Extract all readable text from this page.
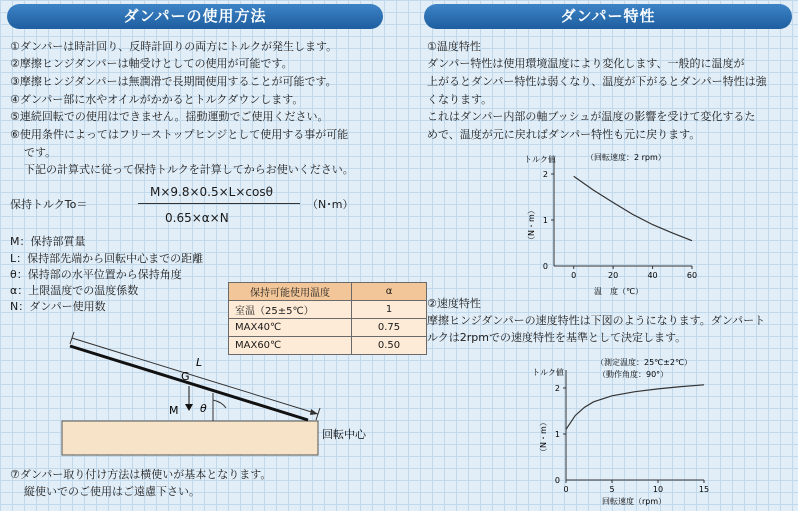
ダンパーの使用方法
①ダンパーは時計回り、反時計回りの両方にトルクが発生します。
②摩擦ヒンジダンパーは軸受けとしての使用が可能です。
③摩擦ヒンジダンパーは無潤滑で長期間使用することが可能です。
④ダンパー部に水やオイルがかかるとトルクダウンします。
⑤連続回転での使用はできません。揺動運動でご使用ください。
⑥使用条件によってはフリーストップヒンジとして使用する事が可能
です。
下記の計算式に従って保持トルクを計算してからお使いください。
保持トルクTo＝
M×9.8×0.5×L×cosθ
0.65×α×N
（N･m）
M：保持部質量
L：保持部先端から回転中心までの距離
θ：保持部の水平位置から保持角度
α：上限温度での温度係数
N：ダンパー使用数
保持可能使用温度	α
室温（25±5℃）	1
MAX40℃	0.75
MAX60℃	0.50
L
G
M θ
回転中心
⑦ダンパー取り付け方法は横使いが基本となります。
縦使いでのご使用はご遠慮下さい。
ダンパー特性
①温度特性
ダンパー特性は使用環境温度により変化します、一般的に温度が
上がるとダンパー特性は弱くなり、温度が下がるとダンパー特性は強
くなります。
これはダンパー内部の軸ブッシュが温度の影響を受けて変化するた
めで、温度が元に戻ればダンパー特性も元に戻ります。
トルク値	（回転速度：2 rpm）
（N・m）
温　度（℃）
0	20	40	60
0
1
2
②速度特性
摩擦ヒンジダンパーの速度特性は下図のようになります。ダンパート
ルクは2rpmでの速度特性を基準として決定します。
トルク値
（測定温度：25℃±2℃）
（動作角度：90°）
（N・m）
回転速度（rpm）
0	5	10	15
0
1
2
